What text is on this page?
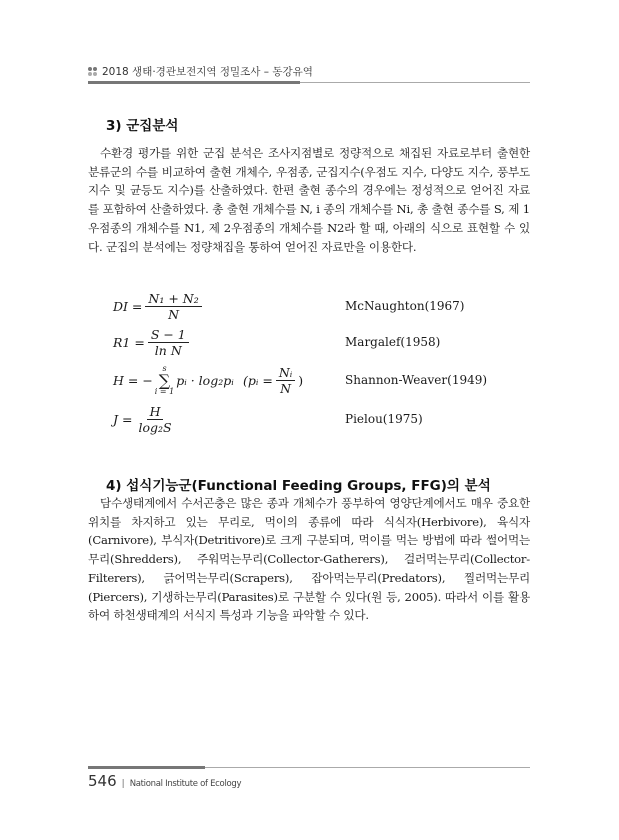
2018 생태·경관보전지역 정밀조사 – 동강유역
3) 군집분석
수환경 평가를 위한 군집 분석은 조사지점별로 정량적으로 채집된 자료로부터 출현한 분류군의 수를 비교하여 출현 개체수, 우점종, 군집지수(우점도 지수, 다양도 지수, 풍부도 지수 및 균등도 지수)를 산출하였다. 한편 출현 종수의 경우에는 정성적으로 얻어진 자료를 포함하여 산출하였다. 총 출현 개체수를 N, i 종의 개체수를 Ni, 총 출현 종수를 S, 제 1우점종의 개체수를 N1, 제 2우점종의 개체수를 N2라 할 때, 아래의 식으로 표현할 수 있다. 군집의 분석에는 정량채집을 통하여 얻어진 자료만을 이용한다.
DI = $\frac{\text{N₁ + N₂}}{N}$	McNaughton(1967)
$R1 = \frac{S - 1}{\text{ln N}}$	Margalef(1958)
H = −
s
∑
i = 1
pᵢ · log₂pᵢ (pᵢ = $\frac{\text{Nᵢ}}{N}$ )	Shannon-Weaver(1949)
$J = \frac{H}{\text{log₂S}}$	Pielou(1975)
4) 섭식기능군(Functional Feeding Groups, FFG)의 분석
담수생태계에서 수서곤충은 많은 종과 개체수가 풍부하여 영양단계에서도 매우 중요한 위치를 차지하고 있는 무리로, 먹이의 종류에 따라 식식자(Herbivore), 육식자(Carnivore), 부식자(Detritivore)로 크게 구분되며, 먹이를 먹는 방법에 따라 썰어먹는무리(Shredders), 주워먹는무리(Collector-Gatherers), 걸러먹는무리(Collector-Filterers), 긁어먹는무리(Scrapers), 잡아먹는무리(Predators), 찔러먹는무리(Piercers), 기생하는무리(Parasites)로 구분할 수 있다(원 등, 2005). 따라서 이를 활용하여 하천생태계의 서식지 특성과 기능을 파악할 수 있다.
546 | National Institute of Ecology
